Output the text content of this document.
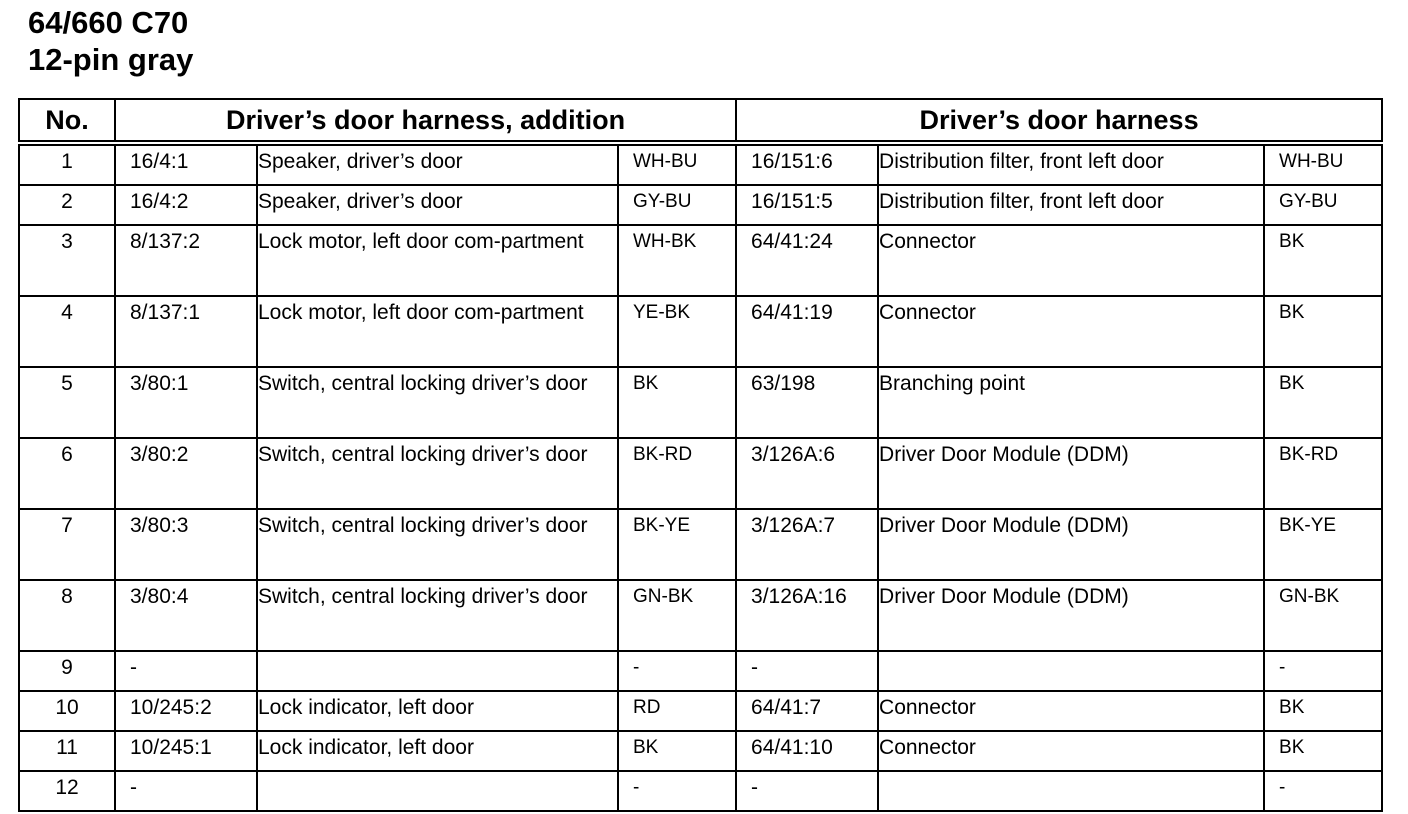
64/660 C70
12-pin gray
No.	Driver’s door harness, addition			Driver’s door harness		
1	16/4:1	Speaker, driver’s door	WH-BU	16/151:6	Distribution filter, front left door	WH-BU
2	16/4:2	Speaker, driver’s door	GY-BU	16/151:5	Distribution filter, front left door	GY-BU
3	8/137:2	Lock motor, left door com-partment	WH-BK	64/41:24	Connector	BK
4	8/137:1	Lock motor, left door com-partment	YE-BK	64/41:19	Connector	BK
5	3/80:1	Switch, central locking driver’s door	BK	63/198	Branching point	BK
6	3/80:2	Switch, central locking driver’s door	BK-RD	3/126A:6	Driver Door Module (DDM)	BK-RD
7	3/80:3	Switch, central locking driver’s door	BK-YE	3/126A:7	Driver Door Module (DDM)	BK-YE
8	3/80:4	Switch, central locking driver’s door	GN-BK	3/126A:16	Driver Door Module (DDM)	GN-BK
9	-		-	-		-
10	10/245:2	Lock indicator, left door	RD	64/41:7	Connector	BK
11	10/245:1	Lock indicator, left door	BK	64/41:10	Connector	BK
12	-		-	-		-
